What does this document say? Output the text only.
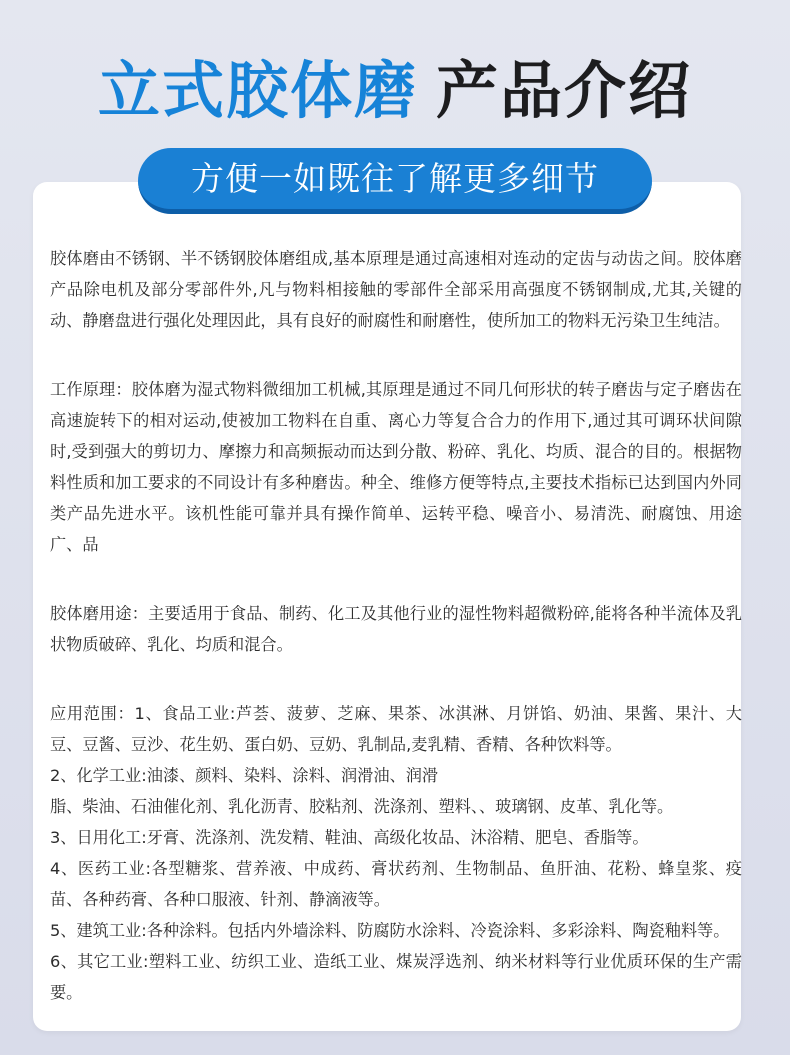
立式胶体磨 产品介绍
方便一如既往了解更多细节

胶体磨由不锈钢、半不锈钢胶体磨组成,基本原理是通过高速相对连动的定齿与动齿之间。胶体磨产品除电机及部分零部件外,凡与物料相接触的零部件全部采用高强度不锈钢制成,尤其,关键的动、静磨盘进行强化处理因此，具有良好的耐腐性和耐磨性，使所加工的物料无污染卫生纯洁。

工作原理：胶体磨为湿式物料微细加工机械,其原理是通过不同几何形状的转子磨齿与定子磨齿在高速旋转下的相对运动,使被加工物料在自重、离心力等复合合力的作用下,通过其可调环状间隙时,受到强大的剪切力、摩擦力和高频振动而达到分散、粉碎、乳化、均质、混合的目的。根据物料性质和加工要求的不同设计有多种磨齿。种全、维修方便等特点,主要技术指标已达到国内外同类产品先进水平。该机性能可靠并具有操作简单、运转平稳、噪音小、易清洗、耐腐蚀、用途广、品

胶体磨用途：主要适用于食品、制药、化工及其他行业的湿性物料超微粉碎,能将各种半流体及乳状物质破碎、乳化、均质和混合。

应用范围：1、食品工业:芦荟、菠萝、芝麻、果茶、冰淇淋、月饼馅、奶油、果酱、果汁、大豆、豆酱、豆沙、花生奶、蛋白奶、豆奶、乳制品,麦乳精、香精、各种饮料等。

2、化学工业:油漆、颜料、染料、涂料、润滑油、润滑

脂、柴油、石油催化剂、乳化沥青、胶粘剂、洗涤剂、塑料、、玻璃钢、皮革、乳化等。

3、日用化工:牙膏、洗涤剂、洗发精、鞋油、高级化妆品、沐浴精、肥皂、香脂等。

4、医药工业:各型糖浆、营养液、中成药、膏状药剂、生物制品、鱼肝油、花粉、蜂皇浆、疫苗、各种药膏、各种口服液、针剂、静滴液等。

5、建筑工业:各种涂料。包括内外墙涂料、防腐防水涂料、冷瓷涂料、多彩涂料、陶瓷釉料等。

6、其它工业:塑料工业、纺织工业、造纸工业、煤炭浮选剂、纳米材料等行业优质环保的生产需要。
